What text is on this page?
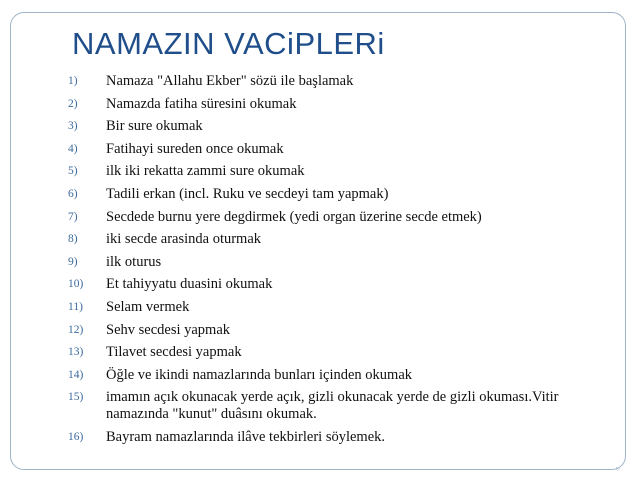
NAMAZIN VACiPLERi
1)	Namaza "Allahu Ekber" sözü ile başlamak
2)	Namazda fatiha süresini okumak
3)	Bir sure okumak
4)	Fatihayi sureden once okumak
5)	ilk iki rekatta zammi sure okumak
6)	Tadili erkan (incl. Ruku ve secdeyi tam yapmak)
7)	Secdede burnu yere degdirmek (yedi organ üzerine secde etmek)
8)	iki secde arasinda oturmak
9)	ilk oturus
10)	Et tahiyyatu duasini okumak
11)	Selam vermek
12)	Sehv secdesi yapmak
13)	Tilavet secdesi yapmak
14)	Öğle ve ikindi namazlarında bunları içinden okumak
15)	imamın açık okunacak yerde açık, gizli okunacak yerde de gizli okuması.Vitir namazında "kunut" duâsını okumak.
16)	Bayram namazlarında ilâve tekbirleri söylemek.
○
